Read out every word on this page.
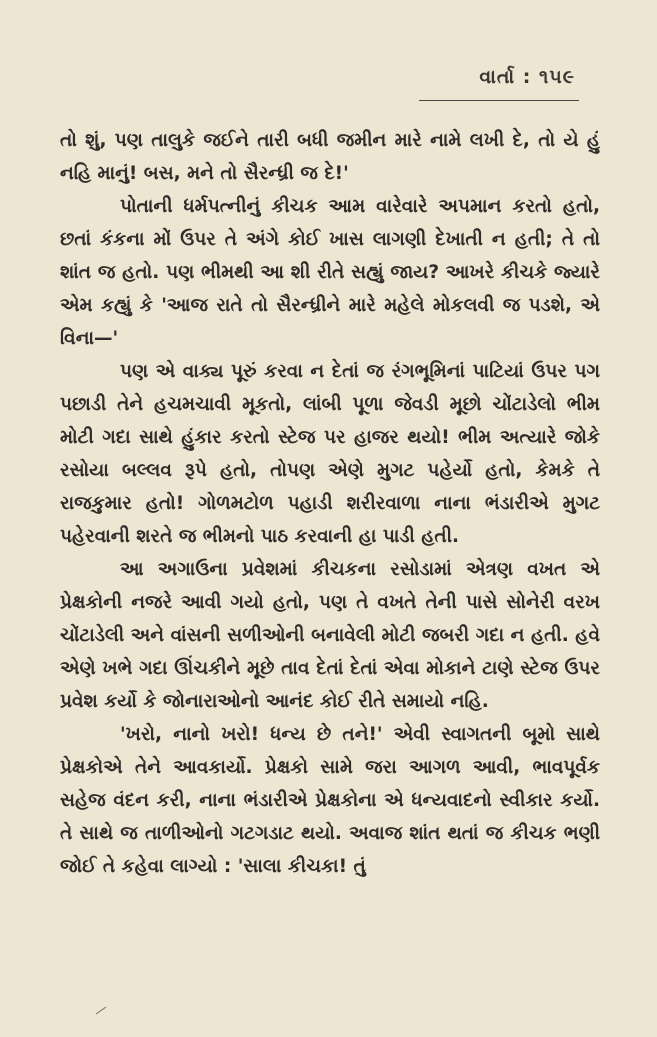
વાર્તા : ૧૫૯

તો શું, પણ તાલુકે જઈને તારી બધી જમીન મારે નામે લખી દે, તો યે હું નહિ માનું! બસ, મને તો સૈરન્ધ્રી જ દે!'

પોતાની ધર્મપત્નીનું કીચક આમ વારેવારે અપમાન કરતો હતો, છતાં કંકના મોં ઉપર તે અંગે કોઈ ખાસ લાગણી દેખાતી ન હતી; તે તો શાંત જ હતો. પણ ભીમથી આ શી રીતે સહ્યું જાય? આખરે કીચકે જ્યારે એમ કહ્યું કે 'આજ રાતે તો સૈરન્ધ્રીને મારે મહેલે મોકલવી જ પડશે, એ વિના—'

પણ એ વાક્ય પૂરું કરવા ન દેતાં જ રંગભૂમિનાં પાટિયાં ઉપર પગ પછાડી તેને હચમચાવી મૂકતો, લાંબી પૂળા જેવડી મૂછો ચોંટાડેલો ભીમ મોટી ગદા સાથે હુંકાર કરતો સ્ટેજ પર હાજર થયો! ભીમ અત્યારે જોકે રસોયા બલ્લવ રૂપે હતો, તોપણ એણે મુગટ પહેર્યો હતો, કેમકે તે રાજકુમાર હતો! ગોળમટોળ પહાડી શરીરવાળા નાના ભંડારીએ મુગટ પહેરવાની શરતે જ ભીમનો પાઠ કરવાની હા પાડી હતી.

આ અગાઉના પ્રવેશમાં કીચકના રસોડામાં એત્રણ વખત એ પ્રેક્ષકોની નજરે આવી ગયો હતો, પણ તે વખતે તેની પાસે સોનેરી વરખ ચોંટાડેલી અને વાંસની સળીઓની બનાવેલી મોટી જબરી ગદા ન હતી. હવે એણે ખભે ગદા ઊંચકીને મૂછે તાવ દેતાં દેતાં એવા મોકાને ટાણે સ્ટેજ ઉપર પ્રવેશ કર્યો કે જોનારાઓનો આનંદ કોઈ રીતે સમાયો નહિ.

'ખરો, નાનો ખરો! ધન્ય છે તને!' એવી સ્વાગતની બૂમો સાથે પ્રેક્ષકોએ તેને આવકાર્યો. પ્રેક્ષકો સામે જરા આગળ આવી, ભાવપૂર્વક સહેજ વંદન કરી, નાના ભંડારીએ પ્રેક્ષકોના એ ધન્યવાદનો સ્વીકાર કર્યો. તે સાથે જ તાળીઓનો ગટગડાટ થયો. અવાજ શાંત થતાં જ કીચક ભણી જોઈ તે કહેવા લાગ્યો : 'સાલા કીચકા! તું
